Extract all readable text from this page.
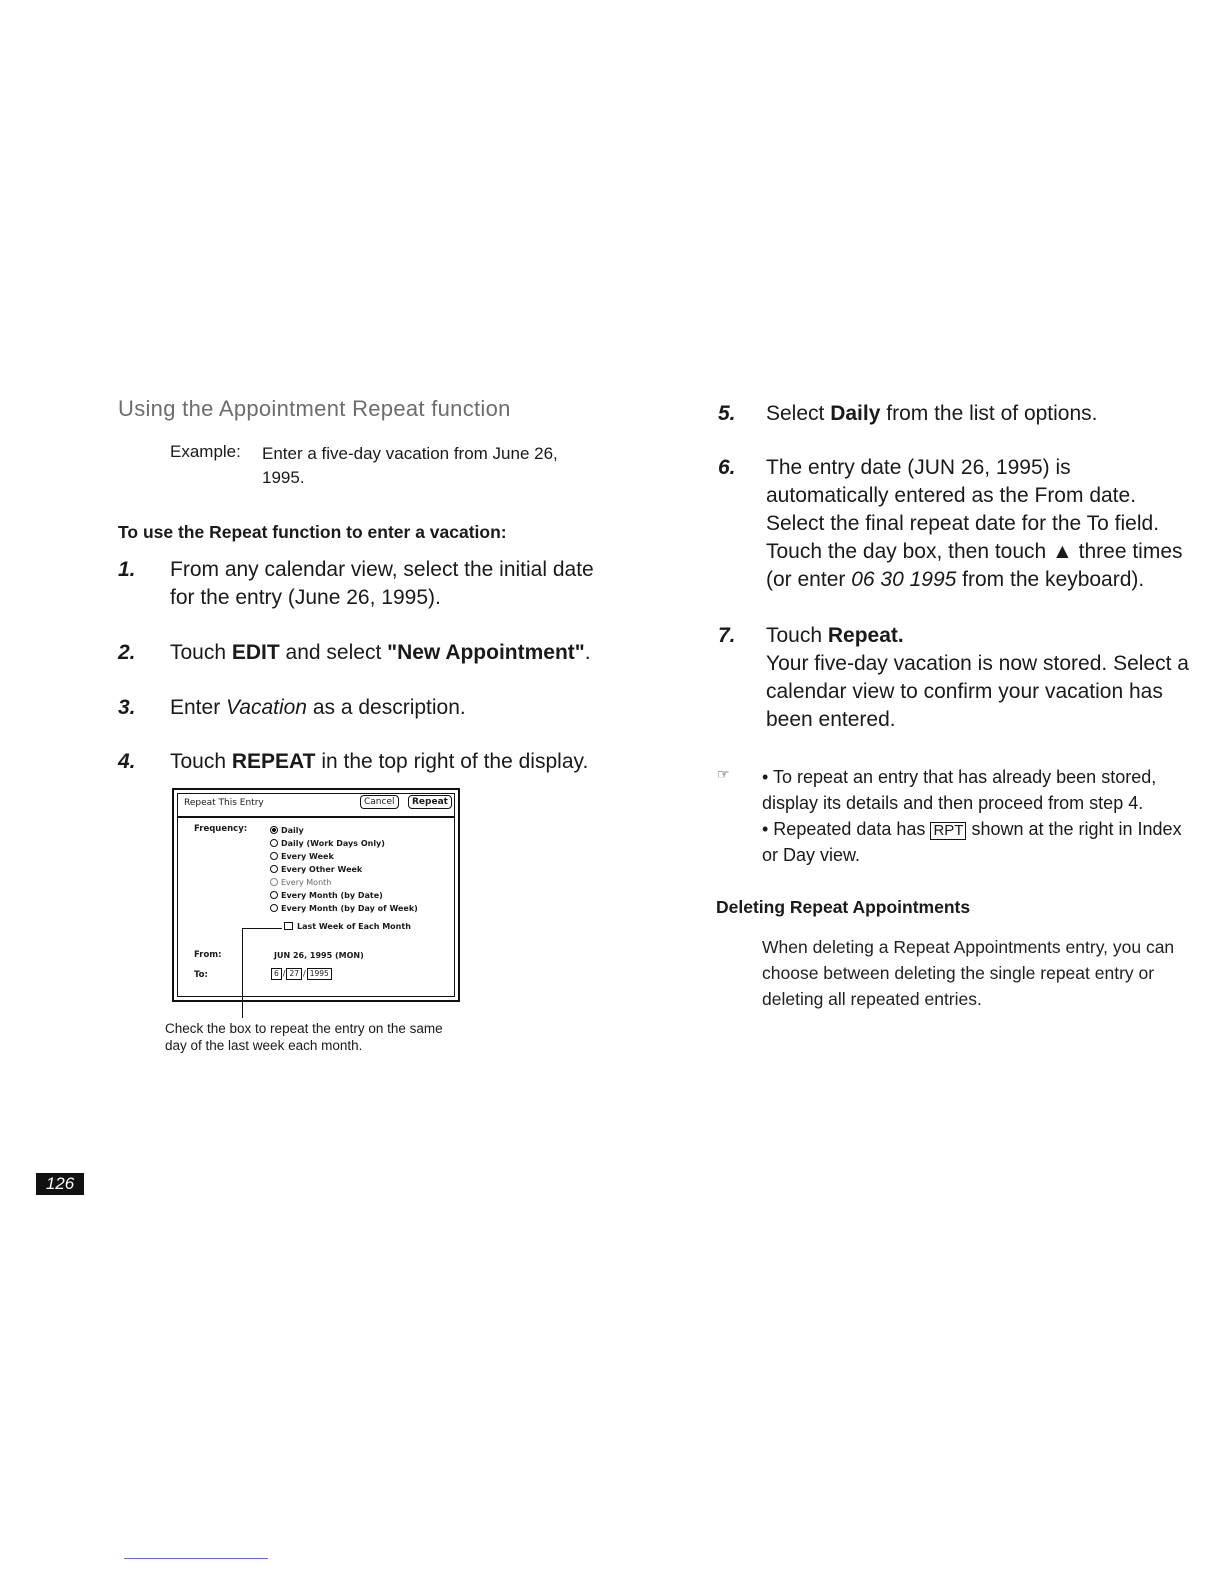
Using the Appointment Repeat function
Example: Enter a five-day vacation from June 26,
1995.
To use the Repeat function to enter a vacation:
1. From any calendar view, select the initial date for the entry (June 26, 1995).
2. Touch EDIT and select "New Appointment".
3. Enter Vacation as a description.
4. Touch REPEAT in the top right of the display.
Repeat This Entry	Cancel	Repeat
Frequency:	Daily
Daily (Work Days Only)
Every Week
Every Other Week
Every Month
Every Month (by Date)
Every Month (by Day of Week)
Last Week of Each Month
From:	JUN 26, 1995 (MON)
To:	6 / 27 / 1995
Check the box to repeat the entry on the same day of the last week each month.
5. Select Daily from the list of options.
6. The entry date (JUN 26, 1995) is automatically entered as the From date. Select the final repeat date for the To field. Touch the day box, then touch ▲ three times (or enter 06 30 1995 from the keyboard).
7. Touch Repeat.
Your five-day vacation is now stored. Select a calendar view to confirm your vacation has been entered.
☞ • To repeat an entry that has already been stored, display its details and then proceed from step 4.
• Repeated data has RPT shown at the right in Index or Day view.
Deleting Repeat Appointments
When deleting a Repeat Appointments entry, you can choose between deleting the single repeat entry or deleting all repeated entries.
126
